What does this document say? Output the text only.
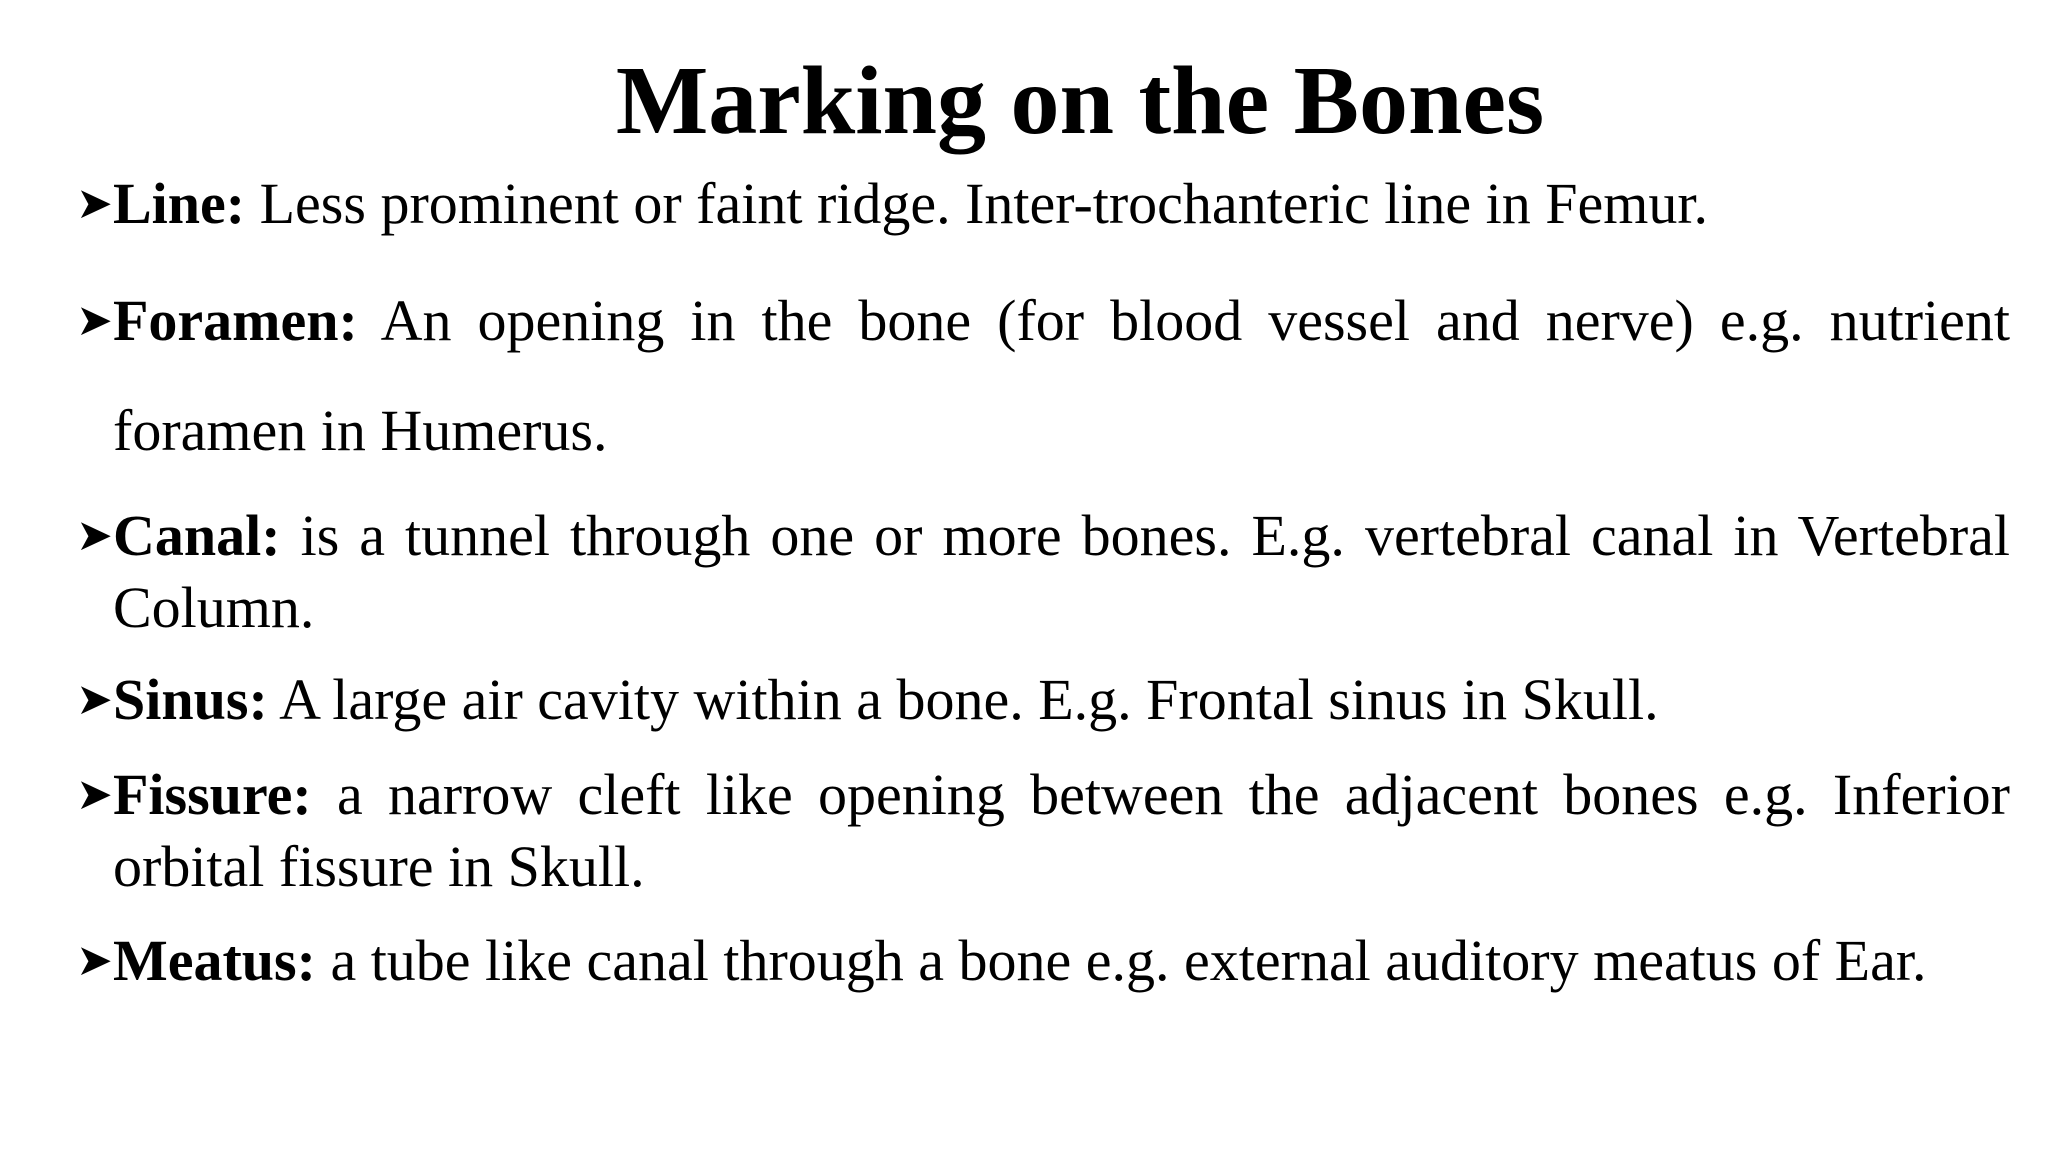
Marking on the Bones
➤ Line: Less prominent or faint ridge. Inter-trochanteric line in Femur.
➤ Foramen: An opening in the bone (for blood vessel and nerve) e.g. nutrient foramen in Humerus.
➤ Canal: is a tunnel through one or more bones. E.g. vertebral canal in Vertebral Column.
➤ Sinus: A large air cavity within a bone. E.g. Frontal sinus in Skull.
➤ Fissure: a narrow cleft like opening between the adjacent bones e.g. Inferior orbital fissure in Skull.
➤ Meatus: a tube like canal through a bone e.g. external auditory meatus of Ear.
